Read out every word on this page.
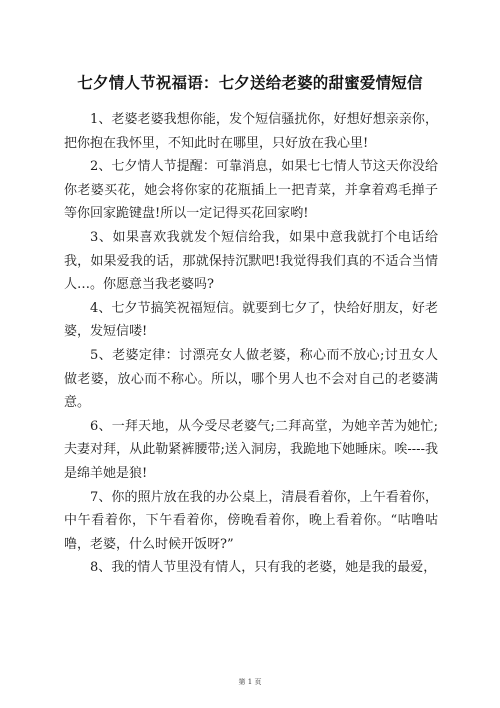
七夕情人节祝福语：七夕送给老婆的甜蜜爱情短信

1、老婆老婆我想你能，发个短信骚扰你，好想好想亲亲你，把你抱在我怀里，不知此时在哪里，只好放在我心里!

2、七夕情人节提醒：可靠消息，如果七七情人节这天你没给你老婆买花，她会将你家的花瓶插上一把青菜，并拿着鸡毛掸子等你回家跪键盘!所以一定记得买花回家哟!

3、如果喜欢我就发个短信给我，如果中意我就打个电话给我，如果爱我的话，那就保持沉默吧!我觉得我们真的不适合当情人…。你愿意当我老婆吗?

4、七夕节搞笑祝福短信。就要到七夕了，快给好朋友，好老婆，发短信喽!

5、老婆定律：讨漂亮女人做老婆，称心而不放心;讨丑女人做老婆，放心而不称心。所以，哪个男人也不会对自己的老婆满意。

6、一拜天地，从今受尽老婆气;二拜高堂，为她辛苦为她忙;夫妻对拜，从此勒紧裤腰带;送入洞房，我跪地下她睡床。唉----我是绵羊她是狼!

7、你的照片放在我的办公桌上，清晨看着你，上午看着你，中午看着你，下午看着你，傍晚看着你，晚上看着你。“咕噜咕噜，老婆，什么时候开饭呀?”

8、我的情人节里没有情人，只有我的老婆，她是我的最爱，

第 1 页
